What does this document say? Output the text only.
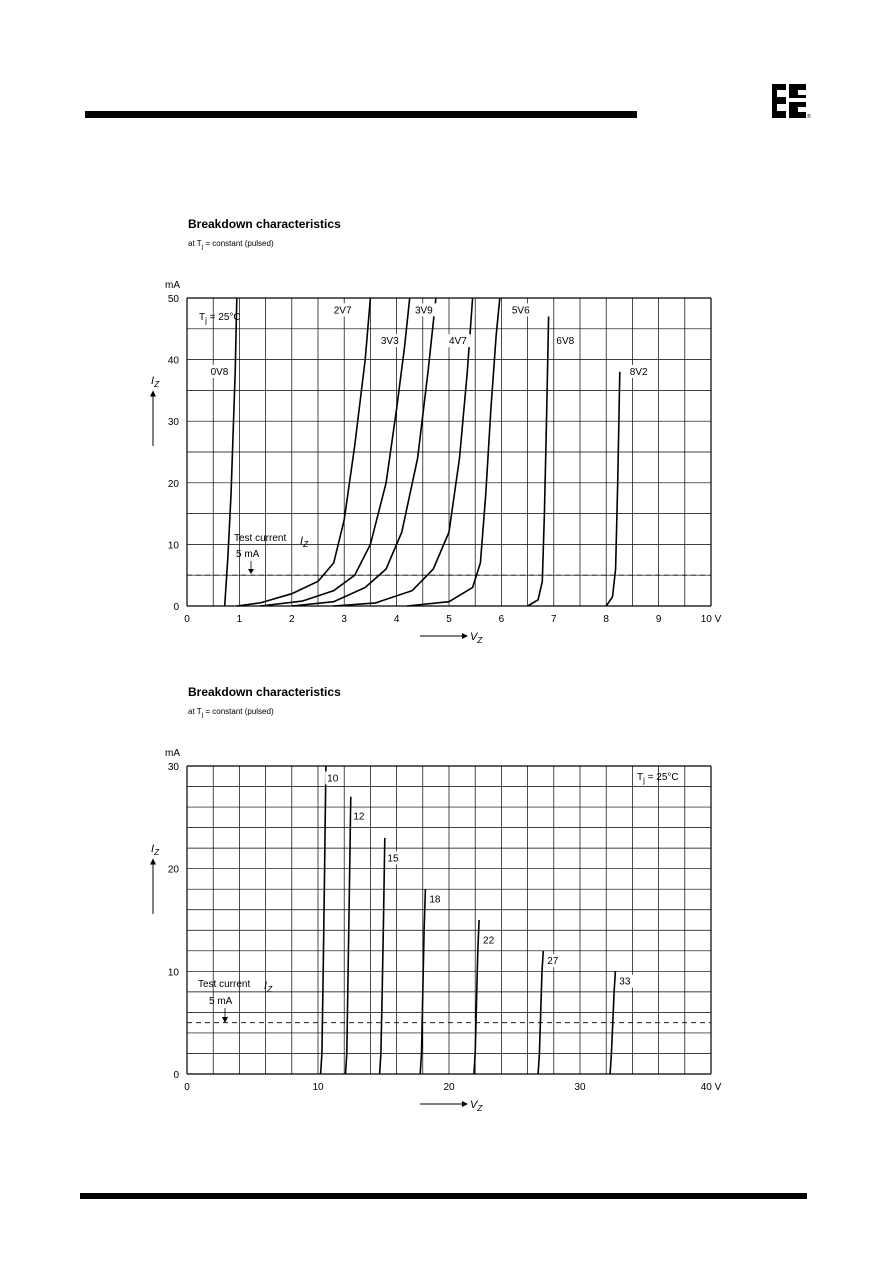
®
Breakdown characteristics
at $T_j$ = constant (pulsed)
0	1	2	3	4	5	6	7	8	9	10 V
0
10
20
30
40
50
mA
$I_Z$
$V_Z$
0V8
2V7
3V3
3V9
4V7
5V6
6V8
8V2
$T_j = 25^\circ C$
Test current $I_Z$
5 mA
Breakdown characteristics
at $T_j$ = constant (pulsed)
0	10	20	30	40 V
0
10
20
30
mA
$I_Z$
$V_Z$
10
12
15
18
22
27
33
$T_j = 25^\circ C$
Test current $I_Z$
5 mA
